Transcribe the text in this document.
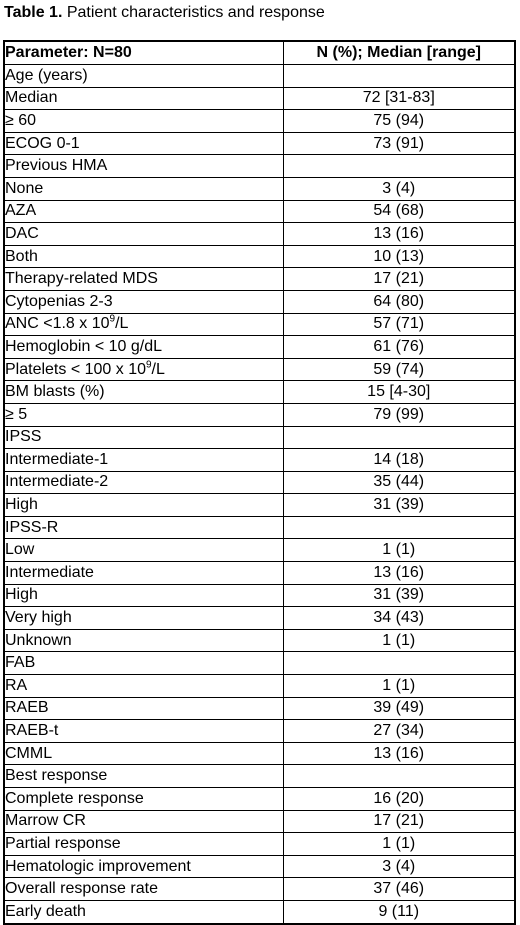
Table 1. Patient characteristics and response
Parameter: N=80	N (%); Median [range]
Age (years)	
Median	72 [31-83]
≥ 60	75 (94)
ECOG 0-1	73 (91)
Previous HMA	
None	3 (4)
AZA	54 (68)
DAC	13 (16)
Both	10 (13)
Therapy-related MDS	17 (21)
Cytopenias 2-3	64 (80)
ANC <1.8 x $10^9/L$	57 (71)
Hemoglobin < 10 g/dL	61 (76)
Platelets < 100 x $10^9/L$	59 (74)
BM blasts (%)	15 [4-30]
≥ 5	79 (99)
IPSS	
Intermediate-1	14 (18)
Intermediate-2	35 (44)
High	31 (39)
IPSS-R	
Low	1 (1)
Intermediate	13 (16)
High	31 (39)
Very high	34 (43)
Unknown	1 (1)
FAB	
RA	1 (1)
RAEB	39 (49)
RAEB-t	27 (34)
CMML	13 (16)
Best response	
Complete response	16 (20)
Marrow CR	17 (21)
Partial response	1 (1)
Hematologic improvement	3 (4)
Overall response rate	37 (46)
Early death	9 (11)
